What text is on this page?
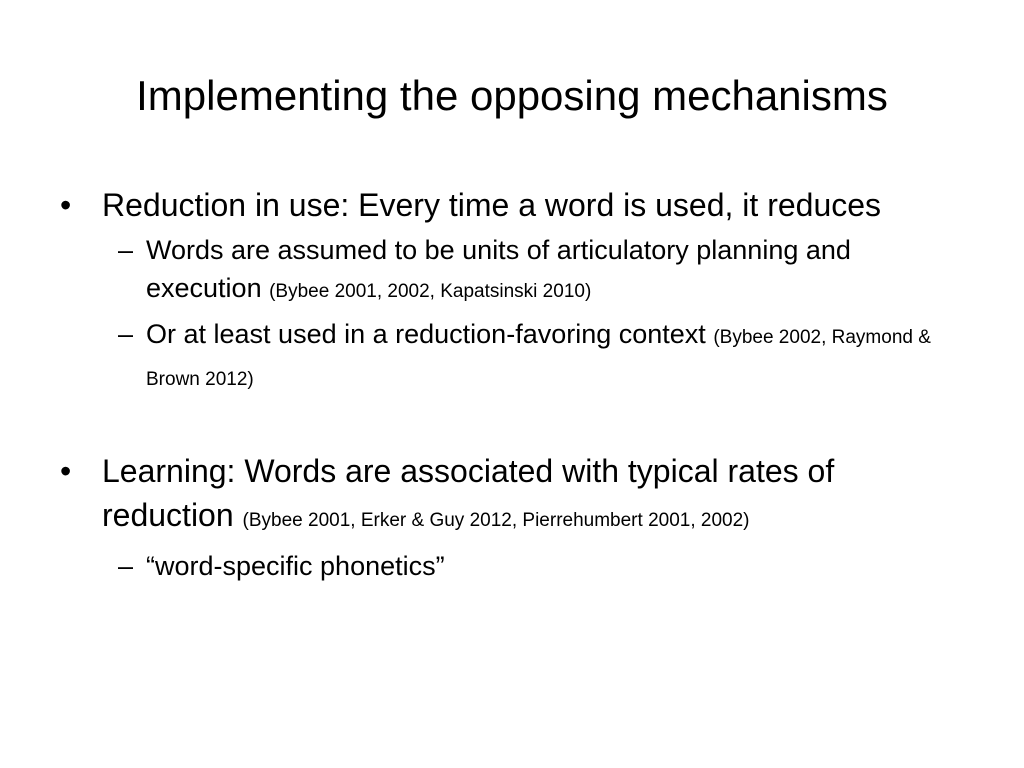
Implementing the opposing mechanisms

• Reduction in use: Every time a word is used, it reduces

– Words are assumed to be units of articulatory planning and execution (Bybee 2001, 2002, Kapatsinski 2010)

– Or at least used in a reduction-favoring context (Bybee 2002, Raymond & Brown 2012)

• Learning: Words are associated with typical rates of reduction (Bybee 2001, Erker & Guy 2012, Pierrehumbert 2001, 2002)

– “word-specific phonetics”
